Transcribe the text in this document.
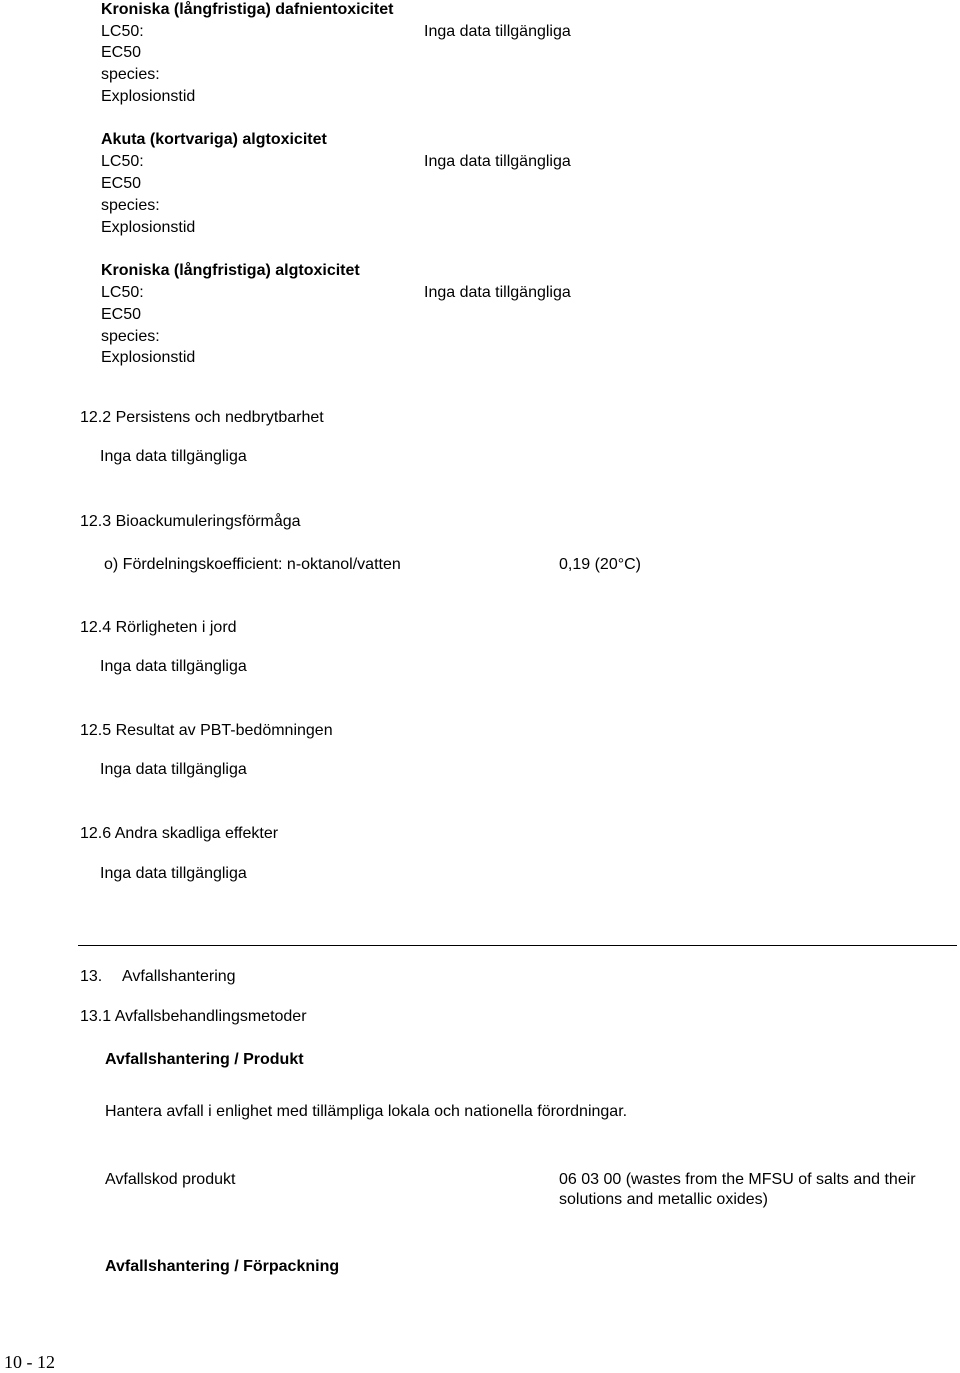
Kroniska (långfristiga) dafnientoxicitet
LC50:	Inga data tillgängliga
EC50
species:
Explosionstid
Akuta (kortvariga) algtoxicitet
LC50:	Inga data tillgängliga
EC50
species:
Explosionstid
Kroniska (långfristiga) algtoxicitet
LC50:	Inga data tillgängliga
EC50
species:
Explosionstid
12.2 Persistens och nedbrytbarhet
Inga data tillgängliga
12.3 Bioackumuleringsförmåga
o) Fördelningskoefficient: n-oktanol/vatten	0,19 (20°C)
12.4 Rörligheten i jord
Inga data tillgängliga
12.5 Resultat av PBT-bedömningen
Inga data tillgängliga
12.6 Andra skadliga effekter
Inga data tillgängliga
13. Avfallshantering
13.1 Avfallsbehandlingsmetoder
Avfallshantering / Produkt
Hantera avfall i enlighet med tillämpliga lokala och nationella förordningar.
Avfallskod produkt	06 03 00 (wastes from the MFSU of salts and their
solutions and metallic oxides)
Avfallshantering / Förpackning
10 - 12
